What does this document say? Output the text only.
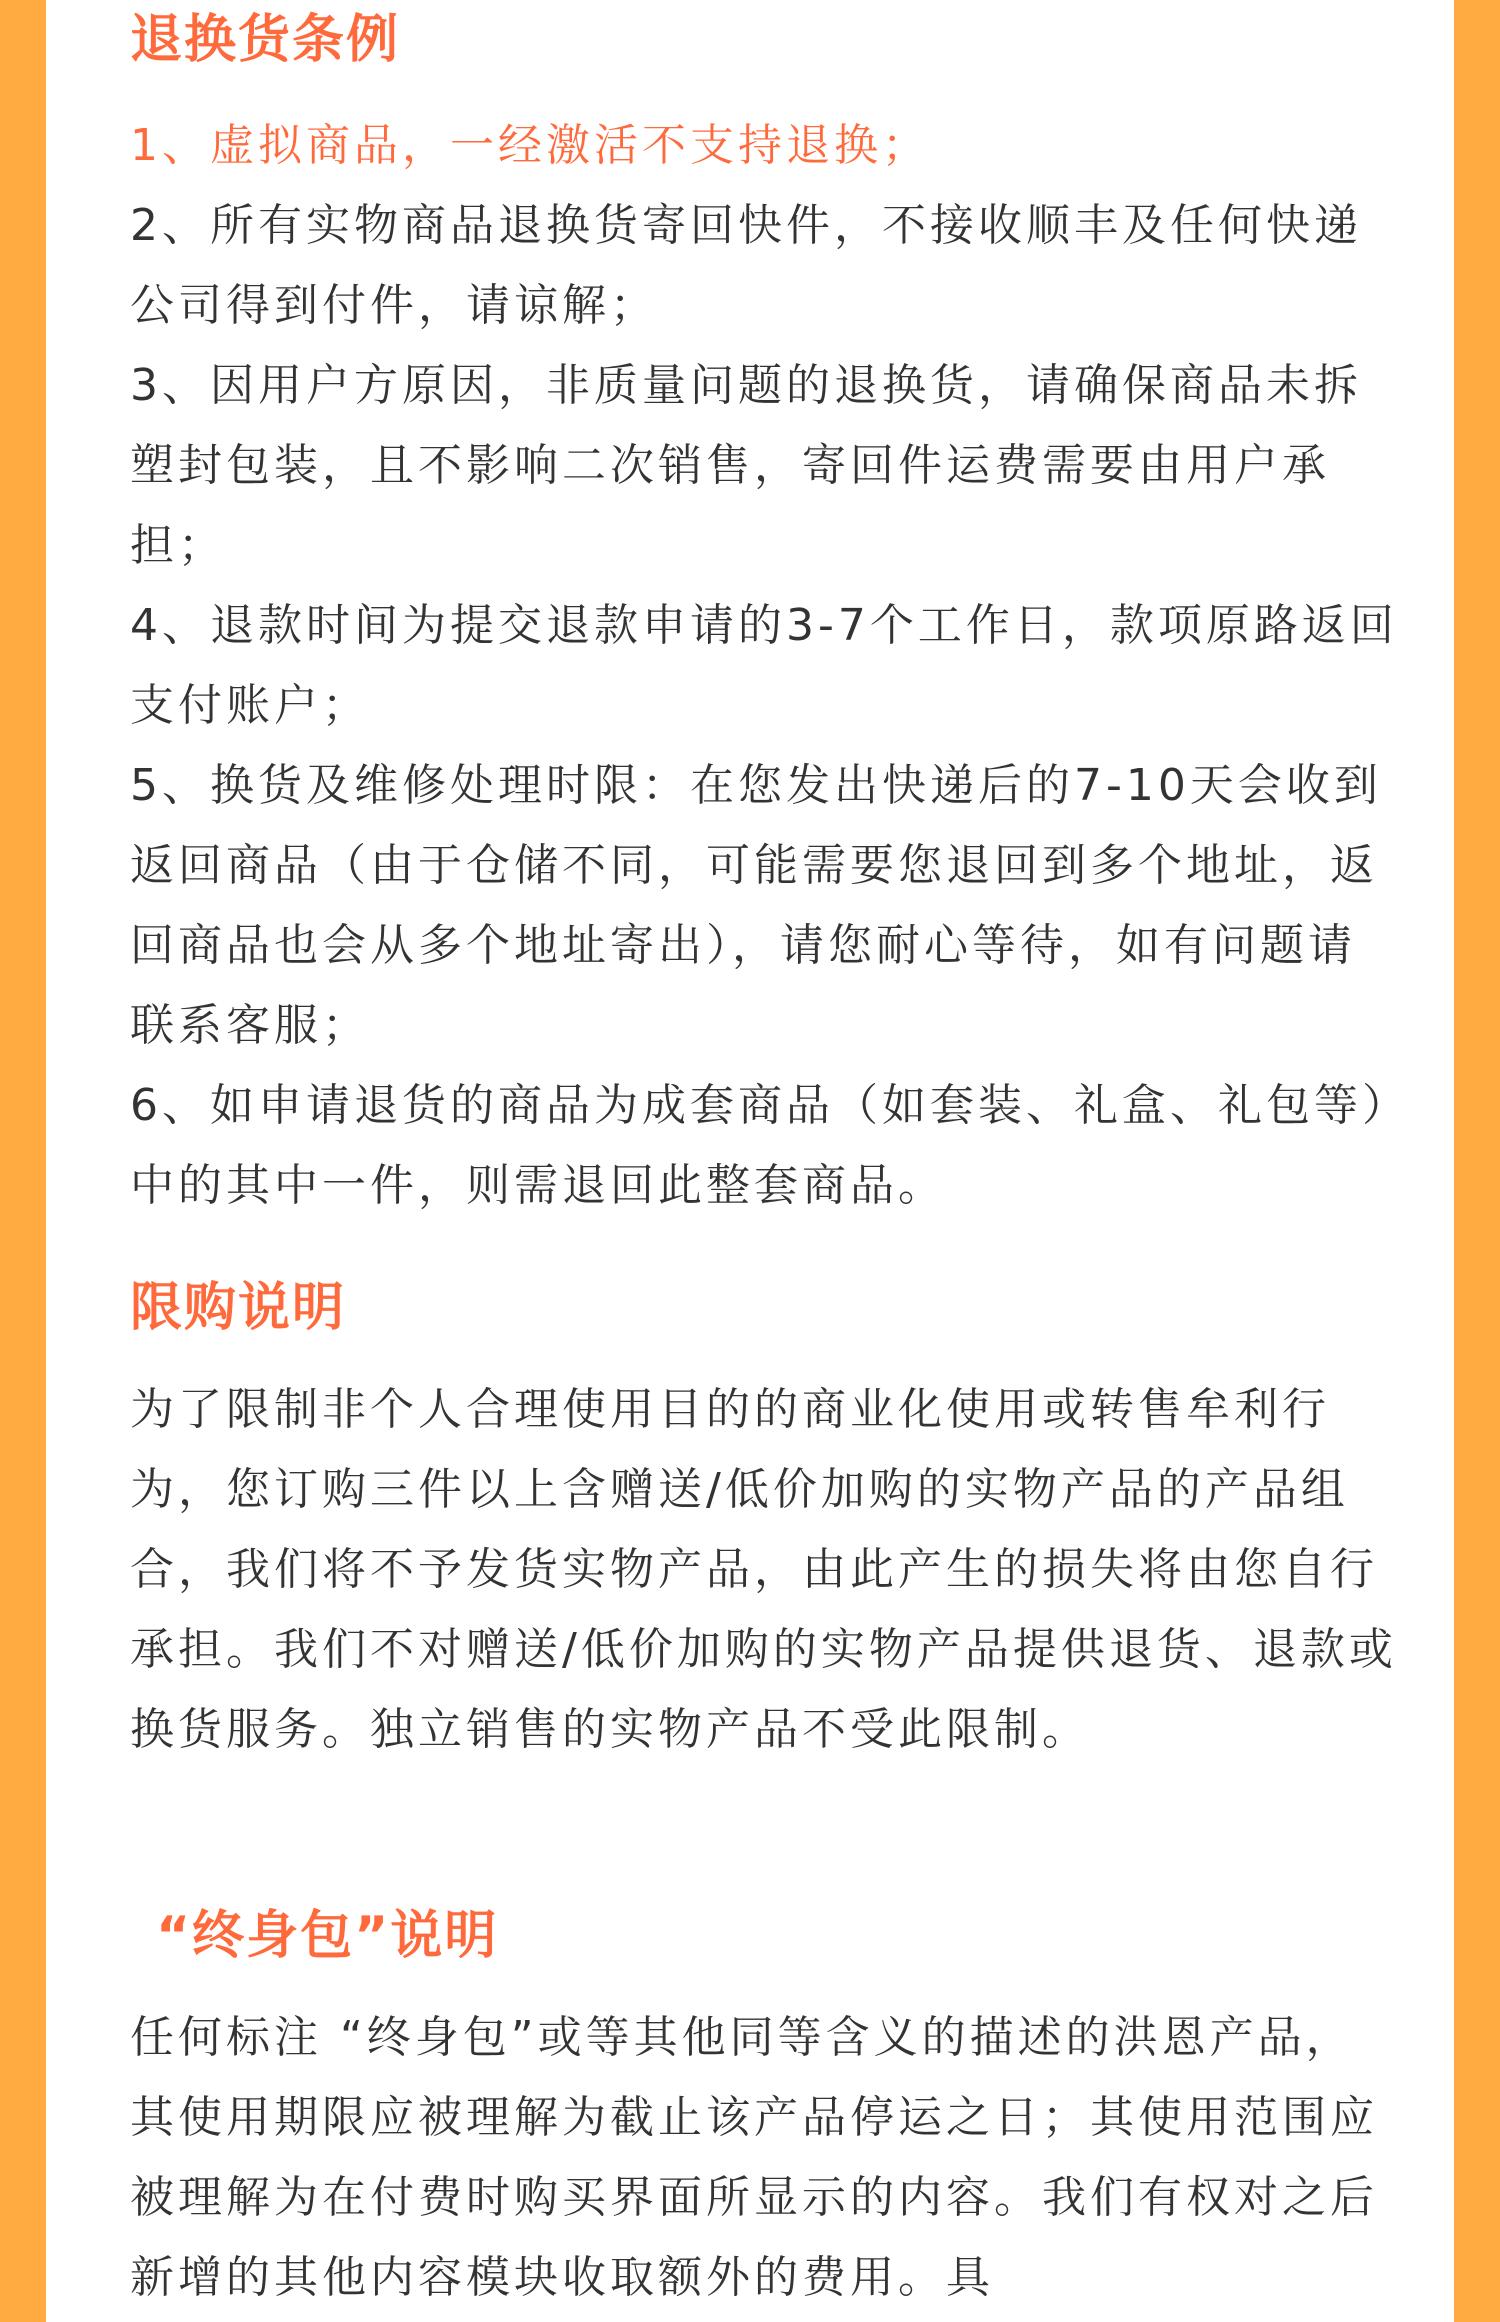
退换货条例

1、虚拟商品，一经激活不支持退换；

2、所有实物商品退换货寄回快件，不接收顺丰及任何快递公司得到付件，请谅解；

3、因用户方原因，非质量问题的退换货，请确保商品未拆塑封包装，且不影响二次销售，寄回件运费需要由用户承担；

4、退款时间为提交退款申请的3-7个工作日，款项原路返回支付账户；

5、换货及维修处理时限：在您发出快递后的7-10天会收到返回商品（由于仓储不同，可能需要您退回到多个地址，返回商品也会从多个地址寄出），请您耐心等待，如有问题请联系客服；

6、如申请退货的商品为成套商品（如套装、礼盒、礼包等）中的其中一件，则需退回此整套商品。

限购说明

为了限制非个人合理使用目的的商业化使用或转售牟利行为，您订购三件以上含赠送/低价加购的实物产品的产品组合，我们将不予发货实物产品，由此产生的损失将由您自行承担。我们不对赠送/低价加购的实物产品提供退货、退款或换货服务。独立销售的实物产品不受此限制。

“终身包”说明

任何标注 “终身包”或等其他同等含义的描述的洪恩产品，其使用期限应被理解为截止该产品停运之日；其使用范围应被理解为在付费时购买界面所显示的内容。我们有权对之后新增的其他内容模块收取额外的费用。具
